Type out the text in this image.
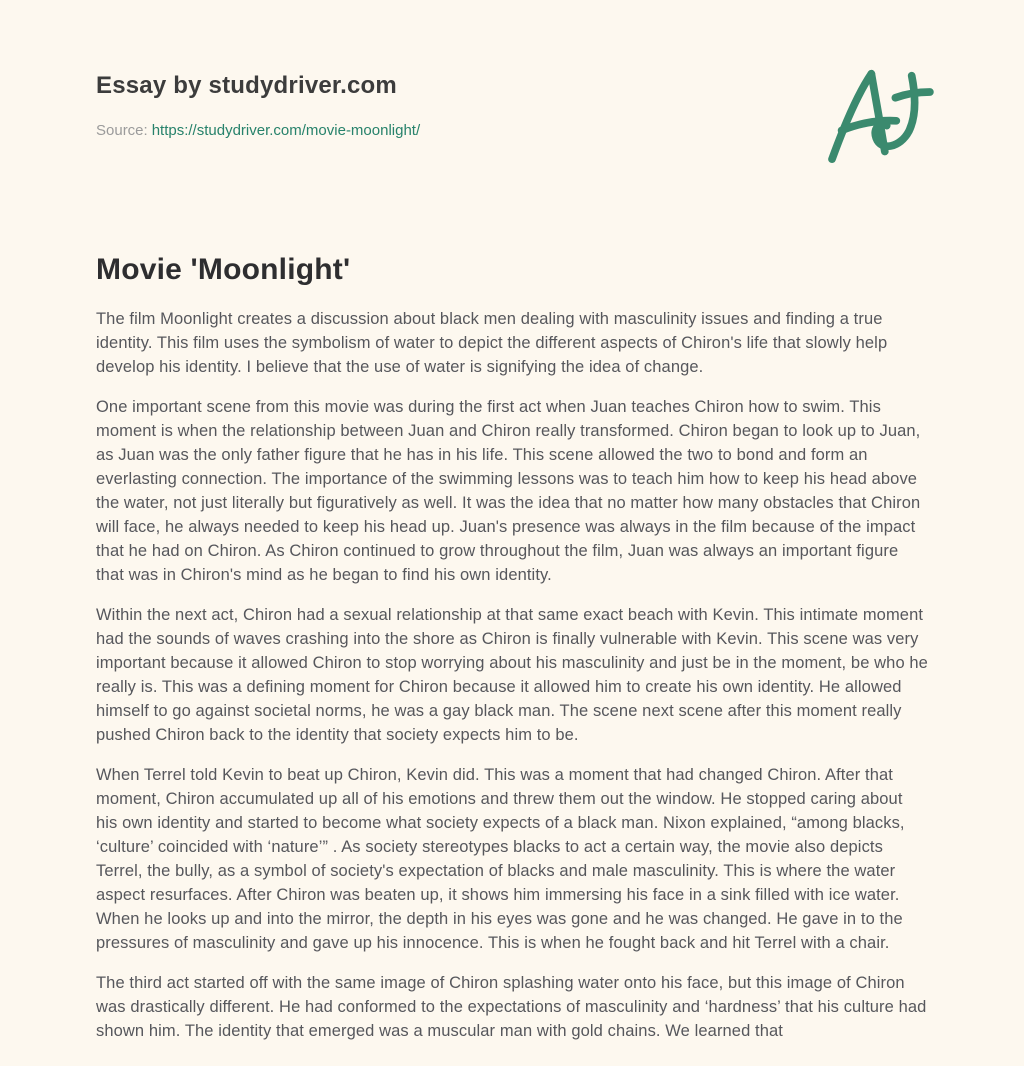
Essay by studydriver.com
Source: https://studydriver.com/movie-moonlight/
Movie 'Moonlight'

The film Moonlight creates a discussion about black men dealing with masculinity issues and finding a true identity. This film uses the symbolism of water to depict the different aspects of Chiron's life that slowly help develop his identity. I believe that the use of water is signifying the idea of change.

One important scene from this movie was during the first act when Juan teaches Chiron how to swim. This moment is when the relationship between Juan and Chiron really transformed. Chiron began to look up to Juan, as Juan was the only father figure that he has in his life. This scene allowed the two to bond and form an everlasting connection. The importance of the swimming lessons was to teach him how to keep his head above the water, not just literally but figuratively as well. It was the idea that no matter how many obstacles that Chiron will face, he always needed to keep his head up. Juan's presence was always in the film because of the impact that he had on Chiron. As Chiron continued to grow throughout the film, Juan was always an important figure that was in Chiron's mind as he began to find his own identity.

Within the next act, Chiron had a sexual relationship at that same exact beach with Kevin. This intimate moment had the sounds of waves crashing into the shore as Chiron is finally vulnerable with Kevin. This scene was very important because it allowed Chiron to stop worrying about his masculinity and just be in the moment, be who he really is. This was a defining moment for Chiron because it allowed him to create his own identity. He allowed himself to go against societal norms, he was a gay black man. The scene next scene after this moment really pushed Chiron back to the identity that society expects him to be.

When Terrel told Kevin to beat up Chiron, Kevin did. This was a moment that had changed Chiron. After that moment, Chiron accumulated up all of his emotions and threw them out the window. He stopped caring about his own identity and started to become what society expects of a black man. Nixon explained, “among blacks, ‘culture’ coincided with ‘nature’” . As society stereotypes blacks to act a certain way, the movie also depicts Terrel, the bully, as a symbol of society's expectation of blacks and male masculinity. This is where the water aspect resurfaces. After Chiron was beaten up, it shows him immersing his face in a sink filled with ice water. When he looks up and into the mirror, the depth in his eyes was gone and he was changed. He gave in to the pressures of masculinity and gave up his innocence. This is when he fought back and hit Terrel with a chair.

The third act started off with the same image of Chiron splashing water onto his face, but this image of Chiron was drastically different. He had conformed to the expectations of masculinity and ‘hardness’ that his culture had shown him. The identity that emerged was a muscular man with gold chains. We learned that
